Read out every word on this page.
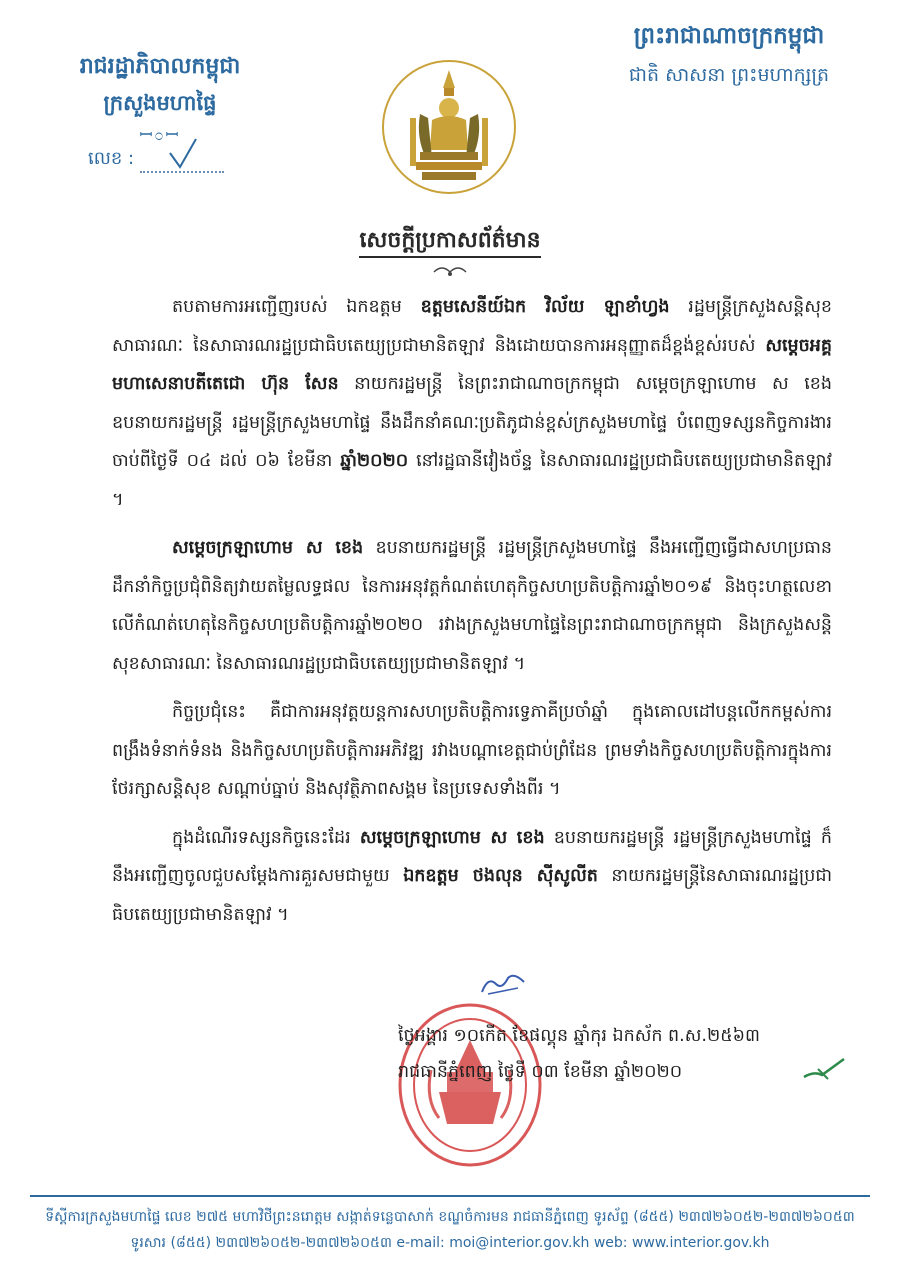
រាជរដ្ឋាភិបាលកម្ពុជា
ក្រសួងមហាផ្ទៃ
ꟷ೦ꟷ
លេខ :
ព្រះរាជាណាចក្រកម្ពុជា
ជាតិ សាសនា ព្រះមហាក្សត្រ
សេចក្តីប្រកាសព័ត៌មាន

តបតាមការអញ្ជើញរបស់ ឯកឧត្តម ឧត្តមសេនីយ៍ឯក វិល័យ ឡាខាំហ្វង រដ្ឋមន្ត្រីក្រសួងសន្តិសុខសាធារណៈ នៃសាធារណរដ្ឋប្រជាធិបតេយ្យប្រជាមានិតឡាវ និងដោយបានការអនុញ្ញាតដ៏ខ្ពង់ខ្ពស់របស់ សម្តេចអគ្គមហាសេនាបតីតេជោ ហ៊ុន សែន នាយករដ្ឋមន្ត្រី នៃព្រះរាជាណាចក្រកម្ពុជា សម្តេចក្រឡាហោម ស ខេង ឧបនាយករដ្ឋមន្ត្រី រដ្ឋមន្ត្រីក្រសួងមហាផ្ទៃ នឹងដឹកនាំគណៈប្រតិភូជាន់ខ្ពស់ក្រសួងមហាផ្ទៃ បំពេញទស្សនកិច្ចការងារ ចាប់ពីថ្ងៃទី ០៤ ដល់ ០៦ ខែមីនា ឆ្នាំ២០២០ នៅរដ្ឋធានីវៀងច័ន្ទ នៃសាធារណរដ្ឋប្រជាធិបតេយ្យប្រជាមានិតឡាវ ។

សម្តេចក្រឡាហោម ស ខេង ឧបនាយករដ្ឋមន្ត្រី រដ្ឋមន្ត្រីក្រសួងមហាផ្ទៃ នឹងអញ្ជើញធ្វើជាសហប្រធានដឹកនាំកិច្ចប្រជុំពិនិត្យវាយតម្លៃលទ្ធផល នៃការអនុវត្តកំណត់ហេតុកិច្ចសហប្រតិបត្តិការឆ្នាំ២០១៩ និងចុះហត្ថលេខាលើកំណត់ហេតុនៃកិច្ចសហប្រតិបត្តិការឆ្នាំ២០២០ រវាងក្រសួងមហាផ្ទៃនៃព្រះរាជាណាចក្រកម្ពុជា និងក្រសួងសន្តិសុខសាធារណៈ នៃសាធារណរដ្ឋប្រជាធិបតេយ្យប្រជាមានិតឡាវ ។

កិច្ចប្រជុំនេះ គឺជាការអនុវត្តយន្តការសហប្រតិបត្តិការទ្វេភាគីប្រចាំឆ្នាំ ក្នុងគោលដៅបន្តលើកកម្ពស់ការពង្រឹងទំនាក់ទំនង និងកិច្ចសហប្រតិបត្តិការអភិវឌ្ឍ រវាងបណ្តាខេត្តជាប់ព្រំដែន ព្រមទាំងកិច្ចសហប្រតិបត្តិការក្នុងការថែរក្សាសន្តិសុខ សណ្តាប់ធ្នាប់ និងសុវត្ថិភាពសង្គម នៃប្រទេសទាំងពីរ ។

ក្នុងដំណើរទស្សនកិច្ចនេះដែរ សម្តេចក្រឡាហោម ស ខេង ឧបនាយករដ្ឋមន្ត្រី រដ្ឋមន្ត្រីក្រសួងមហាផ្ទៃ ក៏នឹងអញ្ជើញចូលជួបសម្តែងការគួរសមជាមួយ ឯកឧត្តម ថងលុន ស៊ីសូលីត នាយករដ្ឋមន្ត្រីនៃសាធារណរដ្ឋប្រជាធិបតេយ្យប្រជាមានិតឡាវ ។

ថ្ងៃអង្គារ ១០កើត ខែផល្គុន ឆ្នាំកុរ ឯកស័ក ព.ស.២៥៦៣
រាជធានីភ្នំពេញ ថ្ងៃទី ០៣ ខែមីនា ឆ្នាំ២០២០
ទីស្តីការក្រសួងមហាផ្ទៃ លេខ ២៧៥ មហាវិថីព្រះនរោត្តម សង្កាត់ទន្លេបាសាក់ ខណ្ឌចំការមន រាជធានីភ្នំពេញ ទូរស័ព្ទ (៨៥៥) ២៣៧២៦០៥២-២៣៧២៦០៥៣
ទូរសារ (៨៥៥) ២៣៧២៦០៥២-២៣៧២៦០៥៣ e-mail: moi@interior.gov.kh web: www.interior.gov.kh
